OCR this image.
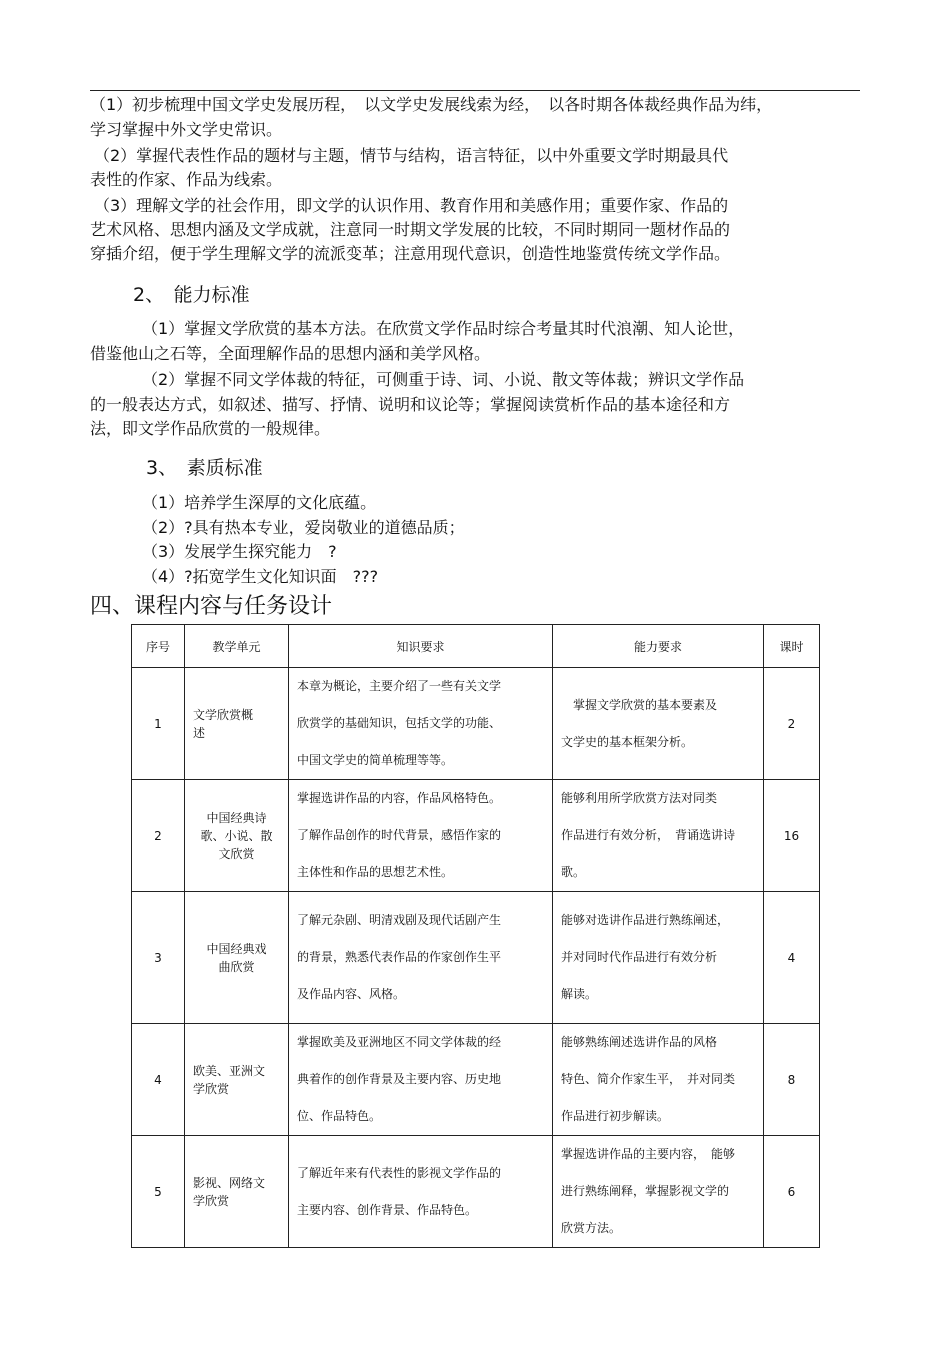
（1）初步梳理中国文学史发展历程，　以文学史发展线索为经，　以各时期各体裁经典作品为纬，
学习掌握中外文学史常识。
（2）掌握代表性作品的题材与主题，情节与结构，语言特征，以中外重要文学时期最具代
表性的作家、作品为线索。
（3）理解文学的社会作用，即文学的认识作用、教育作用和美感作用；重要作家、作品的
艺术风格、思想内涵及文学成就，注意同一时期文学发展的比较，不同时期同一题材作品的
穿插介绍，便于学生理解文学的流派变革；注意用现代意识，创造性地鉴赏传统文学作品。
2、　能力标准
（1）掌握文学欣赏的基本方法。在欣赏文学作品时综合考量其时代浪潮、知人论世，
借鉴他山之石等，全面理解作品的思想内涵和美学风格。
（2）掌握不同文学体裁的特征，可侧重于诗、词、小说、散文等体裁；辨识文学作品
的一般表达方式，如叙述、描写、抒情、说明和议论等；掌握阅读赏析作品的基本途径和方
法，即文学作品欣赏的一般规律。
3、　素质标准
（1）培养学生深厚的文化底蕴。
（2）?具有热本专业，爱岗敬业的道德品质；
（3）发展学生探究能力　?
（4）?拓宽学生文化知识面　???
四、课程内容与任务设计
序号	教学单元	知识要求	能力要求	课时
1	文学欣赏概
述	本章为概论，主要介绍了一些有关文学
欣赏学的基础知识，包括文学的功能、
中国文学史的简单梳理等等。	　掌握文学欣赏的基本要素及
文学史的基本框架分析。	2
2	中国经典诗
歌、小说、散
文欣赏	掌握选讲作品的内容，作品风格特色。
了解作品创作的时代背景，感悟作家的
主体性和作品的思想艺术性。	能够利用所学欣赏方法对同类
作品进行有效分析，　背诵选讲诗
歌。	16
3	中国经典戏
曲欣赏	了解元杂剧、明清戏剧及现代话剧产生
的背景，熟悉代表作品的作家创作生平
及作品内容、风格。	能够对选讲作品进行熟练阐述，
并对同时代作品进行有效分析
解读。	4
4	欧美、亚洲文
学欣赏	掌握欧美及亚洲地区不同文学体裁的经
典着作的创作背景及主要内容、历史地
位、作品特色。	能够熟练阐述选讲作品的风格
特色、简介作家生平，　并对同类
作品进行初步解读。	8
5	影视、网络文
学欣赏	了解近年来有代表性的影视文学作品的
主要内容、创作背景、作品特色。	掌握选讲作品的主要内容，　能够
进行熟练阐释，掌握影视文学的
欣赏方法。	6
